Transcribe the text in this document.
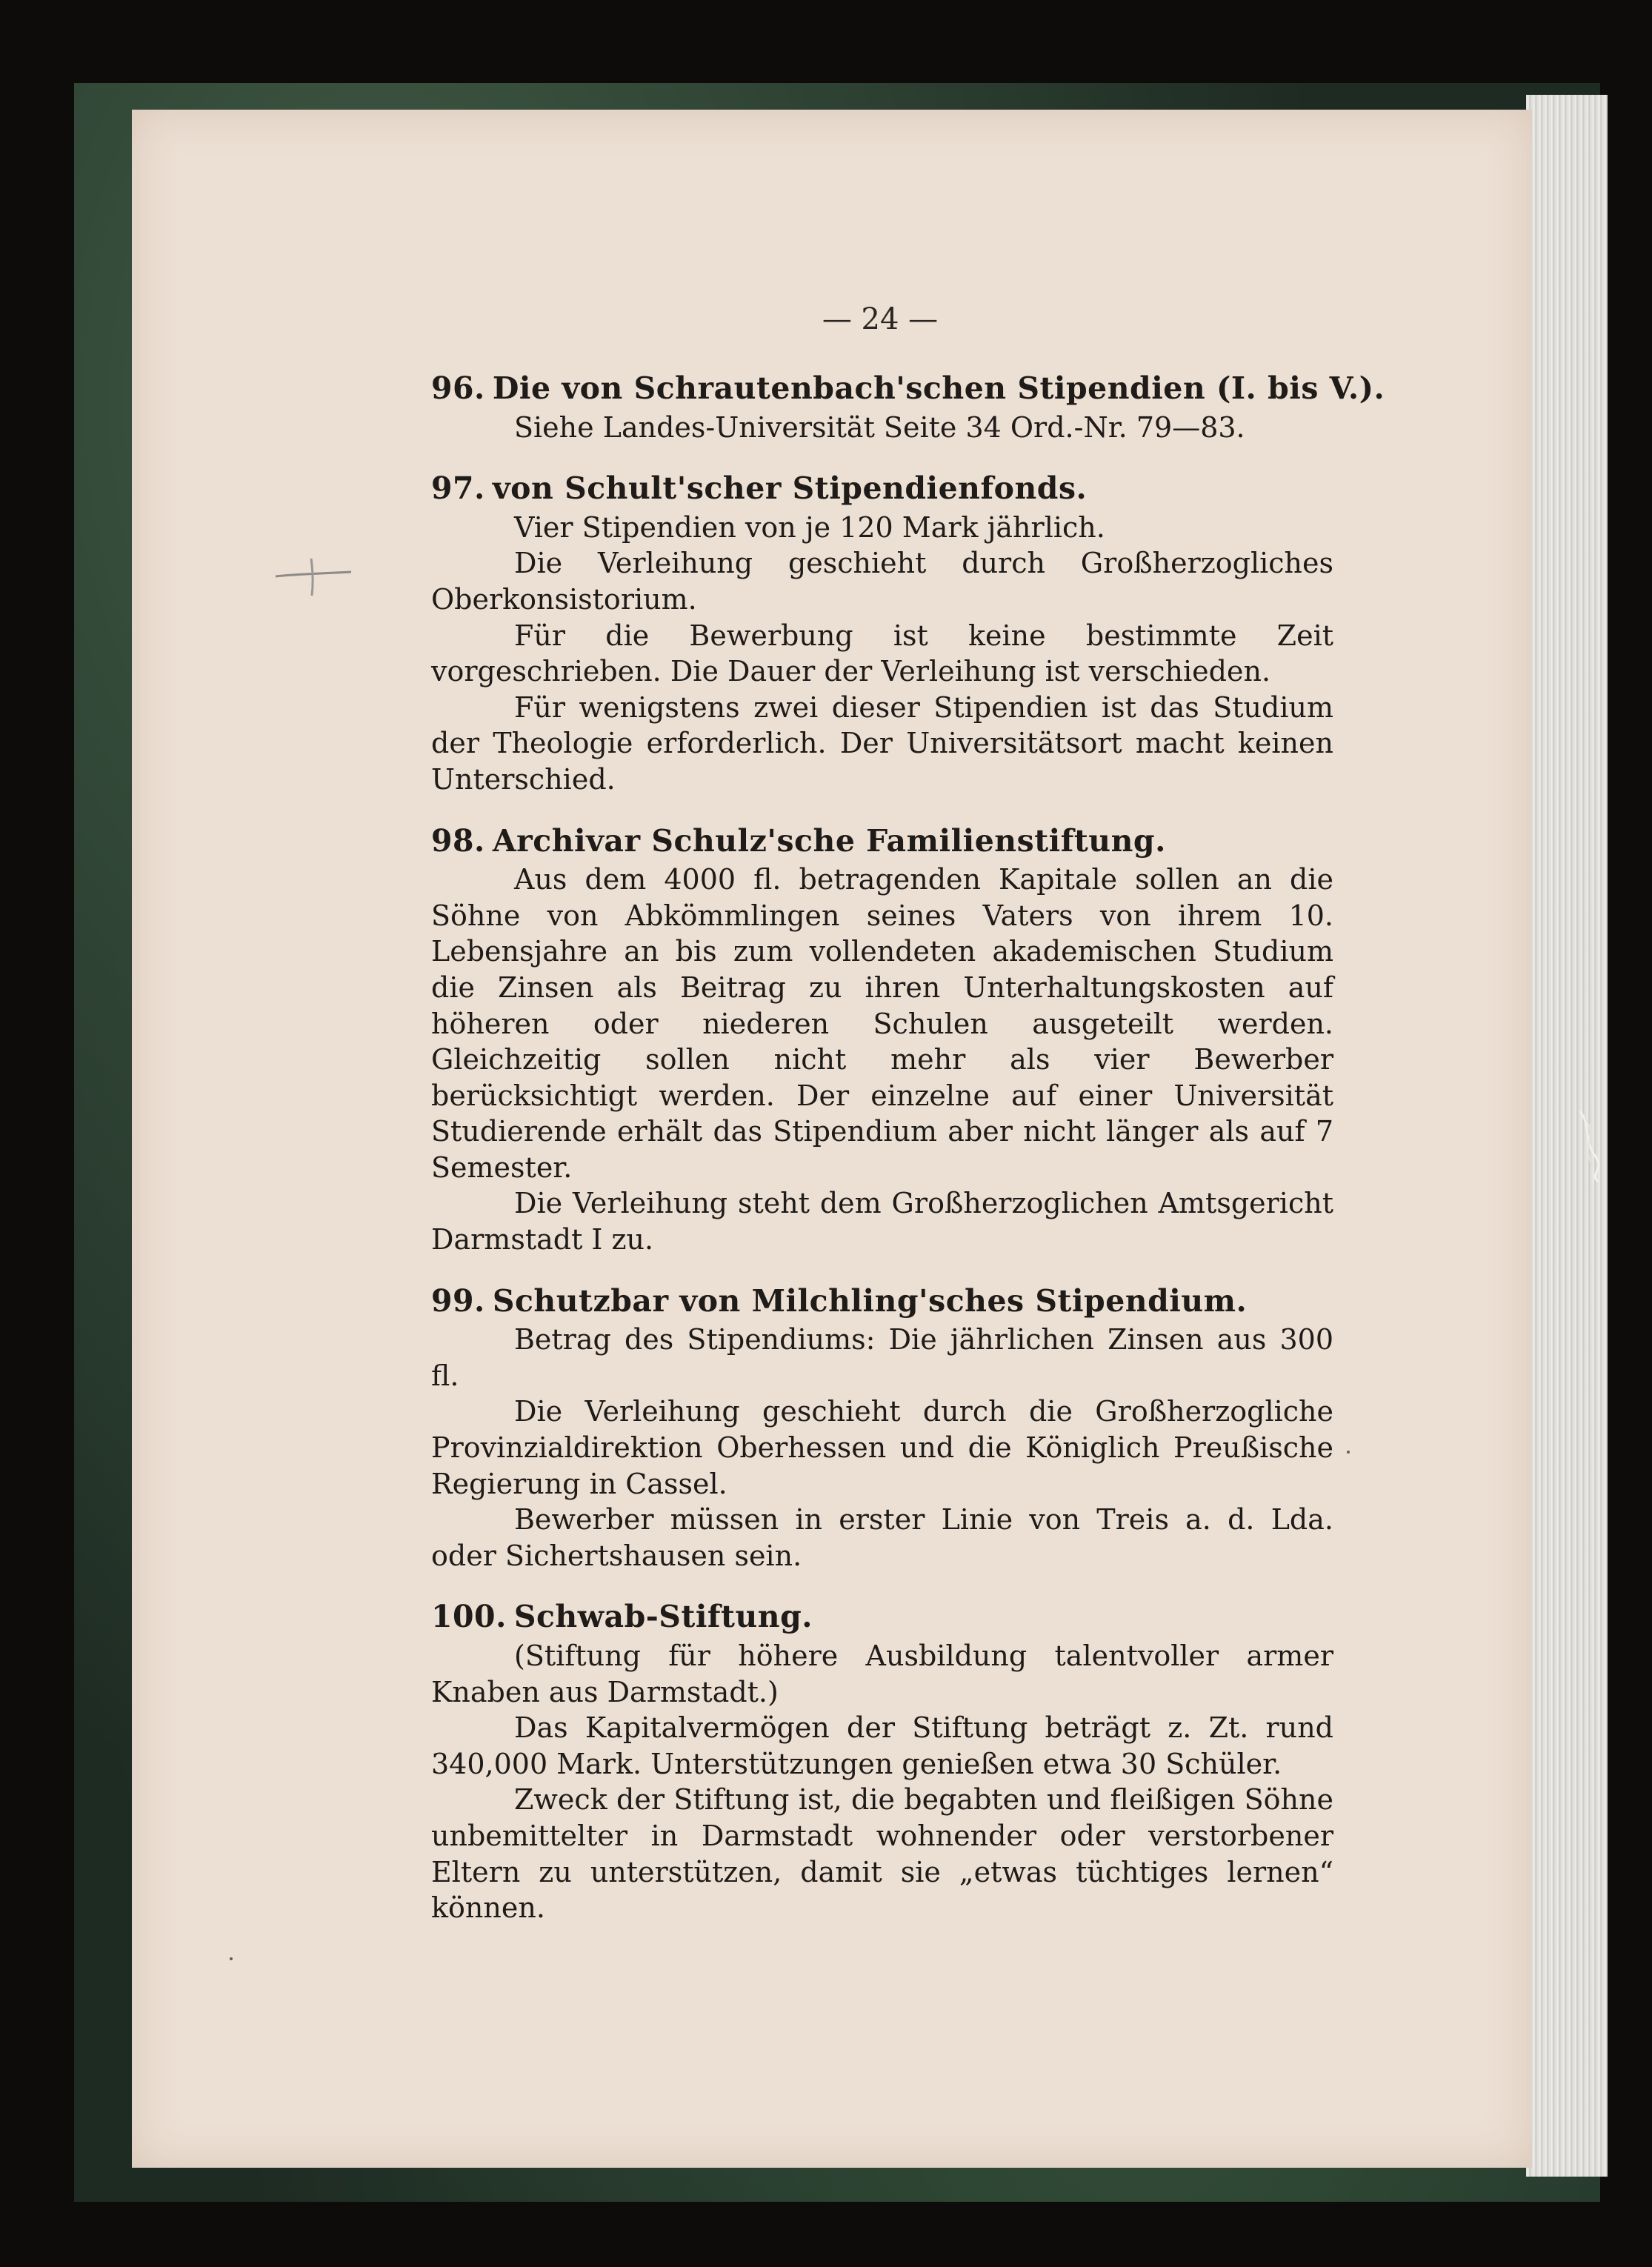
— 24 —

96. Die von Schrautenbach'schen Stipendien (I. bis V.).

Siehe Landes-Universität Seite 34 Ord.-Nr. 79—83.

97. von Schult'scher Stipendienfonds.

Vier Stipendien von je 120 Mark jährlich.

Die Verleihung geschieht durch Großherzogliches Oberkonsistorium.

Für die Bewerbung ist keine bestimmte Zeit vorgeschrieben. Die Dauer der Verleihung ist verschieden.

Für wenigstens zwei dieser Stipendien ist das Studium der Theologie erforderlich. Der Universitätsort macht keinen Unterschied.

98. Archivar Schulz'sche Familienstiftung.

Aus dem 4000 fl. betragenden Kapitale sollen an die Söhne von Abkömmlingen seines Vaters von ihrem 10. Lebensjahre an bis zum vollendeten akademischen Studium die Zinsen als Beitrag zu ihren Unterhaltungskosten auf höheren oder niederen Schulen ausgeteilt werden. Gleichzeitig sollen nicht mehr als vier Bewerber berücksichtigt werden. Der einzelne auf einer Universität Studierende erhält das Stipendium aber nicht länger als auf 7 Semester.

Die Verleihung steht dem Großherzoglichen Amtsgericht Darmstadt I zu.

99. Schutzbar von Milchling'sches Stipendium.

Betrag des Stipendiums: Die jährlichen Zinsen aus 300 fl.

Die Verleihung geschieht durch die Großherzogliche Provinzialdirektion Oberhessen und die Königlich Preußische Regierung in Cassel.

Bewerber müssen in erster Linie von Treis a. d. Lda. oder Sichertshausen sein.

100. Schwab-Stiftung.

(Stiftung für höhere Ausbildung talentvoller armer Knaben aus Darmstadt.)

Das Kapitalvermögen der Stiftung beträgt z. Zt. rund 340,000 Mark. Unterstützungen genießen etwa 30 Schüler.

Zweck der Stiftung ist, die begabten und fleißigen Söhne unbemittelter in Darmstadt wohnender oder verstorbener Eltern zu unterstützen, damit sie „etwas tüchtiges lernen“ können.
